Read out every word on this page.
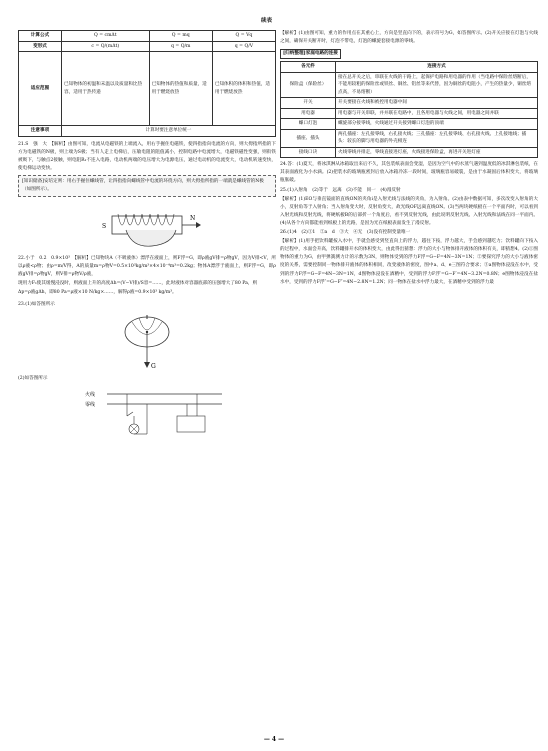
续表
计算公式	Q = cmΔt	Q = mq	Q = Vq
变形式	c = Q/(mΔt)	q = Q/m	q = Q/V
适应范围	已知物体的初温和末温以及质量和比热容，适用于热传递	已知物体的热值和质量，适用于燃烧放热	已知体积的体积和热值，适用于燃烧放热
注意事项	计算时要注意单位统一		

21.S　强　大　【解析】由图可知，电流从电磁铁的上端流入，用右手握住电磁铁，使四指指向电流的方向，则大拇指所指的下方为电磁铁的N极，则上端为S极；当有人走上电梯后，压敏电阻的阻值减小，控制电路中电流增大，电磁铁磁性变强，则衔铁被吸下，与触点2接触，则电阻R₁不连入电路，电动机两端的电压增大为电源电压，通过电动机的电流变大，电动机转速变快，使电梯运动变快。

[知识储备]安培定则：用右手握住螺线管，让四指指向螺线管中电流的环绕方向，则大拇指所指的一端就是螺线管的N极（如图所示）。
S
N

22.小于　0.2　0.9×10³　【解析】已知物块A（不吸液体）漂浮在液面上，则F浮=G，即ρ液gV排=ρ物gV，因为V排<V，所以ρ液<ρ物；由ρ=m/V得，A的质量m=ρ物V=0.5×10³kg/m³×4×10⁻⁴m³=0.2kg；物体A漂浮于液面上，则F浮=G，即ρ液gV排=ρ物gV，则V排=ρ物V/ρ液，

现用力F₁使其缓慢浸没时，则液面上升的高度Δh=(V−V排)/S容=……，此时液体对容器底部的压强增大了80 Pa，则

Δp=ρ液gΔh，即80 Pa=ρ液×10 N/kg×……，解得ρ液=0.9×10³ kg/m³。

23.(1)如答图所示

G

(2)如答图所示

火线
零线

【解析】(1)由图可知，重力的作用点在其重心上，方向是竖直向下的，表示符号为G，如答图所示。(2)开关应接在灯泡与火线之间，确保开关断开时，灯泡不带电，灯泡的螺旋套接电源的零线。

[归纳整理]家庭电路的连接
各元件	连接方式
保险盒（保险丝）	接在总开关之后，串联在火线的干路上，起保护电路和用电器的作用（当电路中保险丝熔断后，不能用较粗的保险丝或铁丝、铜丝、铝丝等来代替，因为铜丝的电阻小，产生的热量少，铜丝熔点高，不易熔断）
开关	开关要接在火线和被控用电器中间
用电器	用电器与开关串联，并并联在电路中，且各用电器与火线之间，用电器之间并联
螺口灯泡	螺旋部分接零线，火线通过开关接到螺口灯泡的顶端
插座、插头	两孔插座：左孔接零线，右孔接火线；三孔插座：左孔接零线、右孔接火线、上孔接地线；插头：较长的脚与用电器的外壳相连
接线口诀	火线零线并排走，零线直接进灯座，火线接进保险盒，再进开关进灯座

24.答：(1)夏天，将冰淇淋从冰箱取出来后不久，其包装纸表面会变湿，是因为空气中的水蒸气遇到温度低的冰淇淋包装纸，在其表面液化为小水滴。(2)把装水的玻璃瓶密封后放入冰箱冷冻一段时间，玻璃瓶容易破裂，是由于水凝固后体积变大，将玻璃瓶胀破。

25.(1)入射角　(2)等于　远离　(3)不能　同一　(4)漫反射

【解析】(1)EO与垂直镜面的直线ON的夹角i是入射光线与法线的夹角，为入射角。(2)由表中数据可知，多次改变入射角的大小，反射角等于入射角；当入射角变大时，反射角变大，故光线OF远离直线ON。(3)当两块硬纸板在一个平面内时，可以看到入射光线和反射光线，将硬纸板B的后部折一个角度后，看不到反射光线，由此说明反射光线、入射光线和法线在同一平面内。(4)从各个方向都能看到纸板上的光路，是因为光在纸板表面发生了漫反射。

26.(1)4　(2)①1　②a　d　③大　④无　(3)没有控制变量唯一

【解析】(1)用手把饮料罐按入水中，手就会感受到竖直向上的浮力，越往下按，浮力越大，手会感到越吃力；饮料罐向下按入的过程中，水面会升高，饮料罐排开水的体积变大，由此得出猜想：浮力的大小与物体排开液体的体积有关，即猜想4。(2)①图物体的重力为G，由甲弹簧测力计的示数为3N，则物体受到的浮力F浮=G−F=4N−3N=1N；②要探究浮力的大小与液体密度的关系，需要控制同一物体排开液体的体积相同，改变液体的密度，图中a、d、e三图符合要求；③a图物体浸没在水中，受到的浮力F浮=G−F=4N−3N=1N，d图物体浸没在酒精中，受到的浮力F浮′=G−F′=4N−3.2N=0.8N；e图物体浸没在盐水中，受到的浮力F浮″=G−F″=4N−2.8N=1.2N；同一物体在盐水中浮力最大，在酒精中受到的浮力最

— 4 —
